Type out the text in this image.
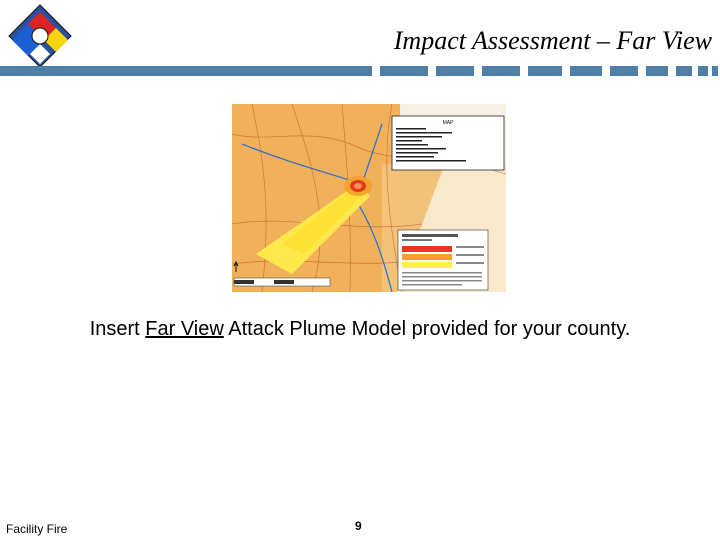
Impact Assessment – Far View
MAP
Insert Far View Attack Plume Model provided for your county.
Facility Fire	9
